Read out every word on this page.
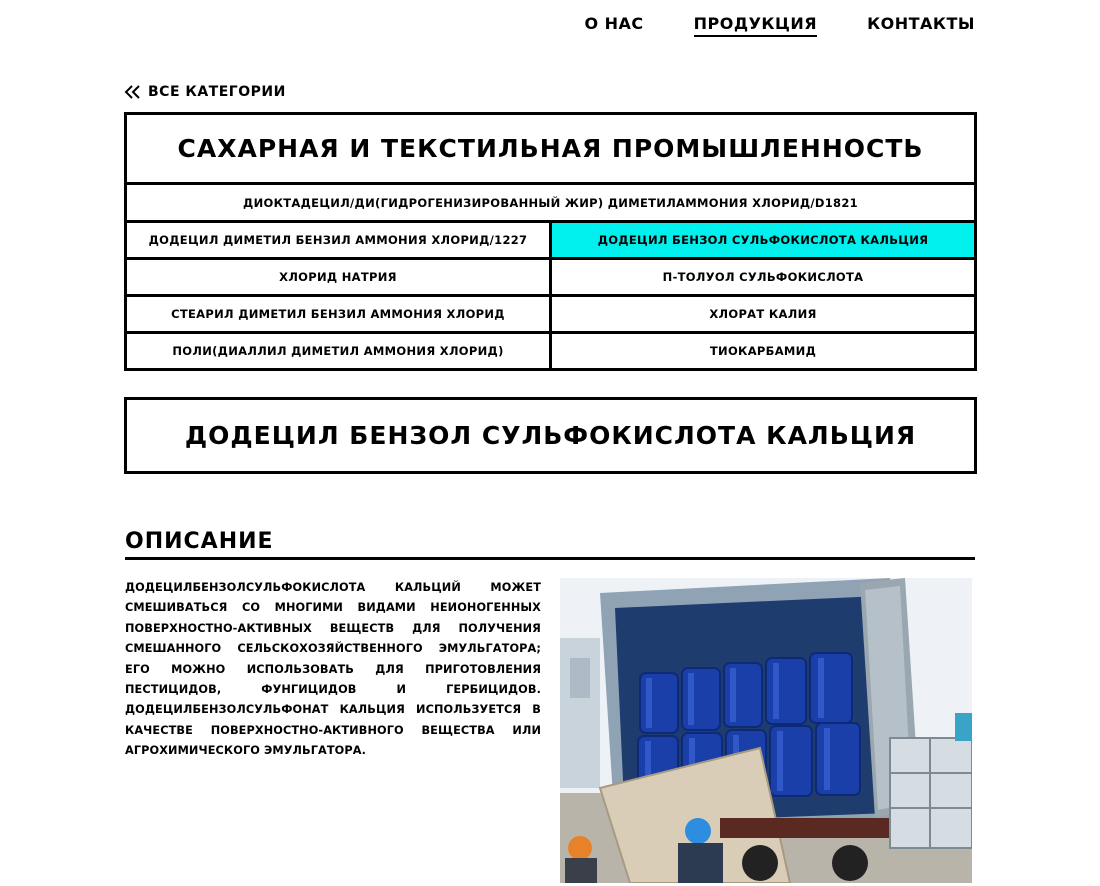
О НАС	ПРОДУКЦИЯ	КОНТАКТЫ
ВСЕ КАТЕГОРИИ
САХАРНАЯ И ТЕКСТИЛЬНАЯ ПРОМЫШЛЕННОСТЬ
ДИОКТАДЕЦИЛ/ДИ(ГИДРОГЕНИЗИРОВАННЫЙ ЖИР) ДИМЕТИЛАММОНИЯ ХЛОРИД/D1821
ДОДЕЦИЛ ДИМЕТИЛ БЕНЗИЛ АММОНИЯ ХЛОРИД/1227	ДОДЕЦИЛ БЕНЗОЛ СУЛЬФОКИСЛОТА КАЛЬЦИЯ
ХЛОРИД НАТРИЯ	П-ТОЛУОЛ СУЛЬФОКИСЛОТА
СТЕАРИЛ ДИМЕТИЛ БЕНЗИЛ АММОНИЯ ХЛОРИД	ХЛОРАТ КАЛИЯ
ПОЛИ(ДИАЛЛИЛ ДИМЕТИЛ АММОНИЯ ХЛОРИД)	ТИОКАРБАМИД
ДОДЕЦИЛ БЕНЗОЛ СУЛЬФОКИСЛОТА КАЛЬЦИЯ
ОПИСАНИЕ
ДОДЕЦИЛБЕНЗОЛСУЛЬФОКИСЛОТА КАЛЬЦИЙ МОЖЕТ СМЕШИВАТЬСЯ СО МНОГИМИ ВИДАМИ НЕИОНОГЕННЫХ ПОВЕРХНОСТНО-АКТИВНЫХ ВЕЩЕСТВ ДЛЯ ПОЛУЧЕНИЯ СМЕШАННОГО СЕЛЬСКОХОЗЯЙСТВЕННОГО ЭМУЛЬГАТОРА; ЕГО МОЖНО ИСПОЛЬЗОВАТЬ ДЛЯ ПРИГОТОВЛЕНИЯ ПЕСТИЦИДОВ, ФУНГИЦИДОВ И ГЕРБИЦИДОВ. ДОДЕЦИЛБЕНЗОЛСУЛЬФОНАТ КАЛЬЦИЯ ИСПОЛЬЗУЕТСЯ В КАЧЕСТВЕ ПОВЕРХНОСТНО-АКТИВНОГО ВЕЩЕСТВА ИЛИ АГРОХИМИЧЕСКОГО ЭМУЛЬГАТОРА.
